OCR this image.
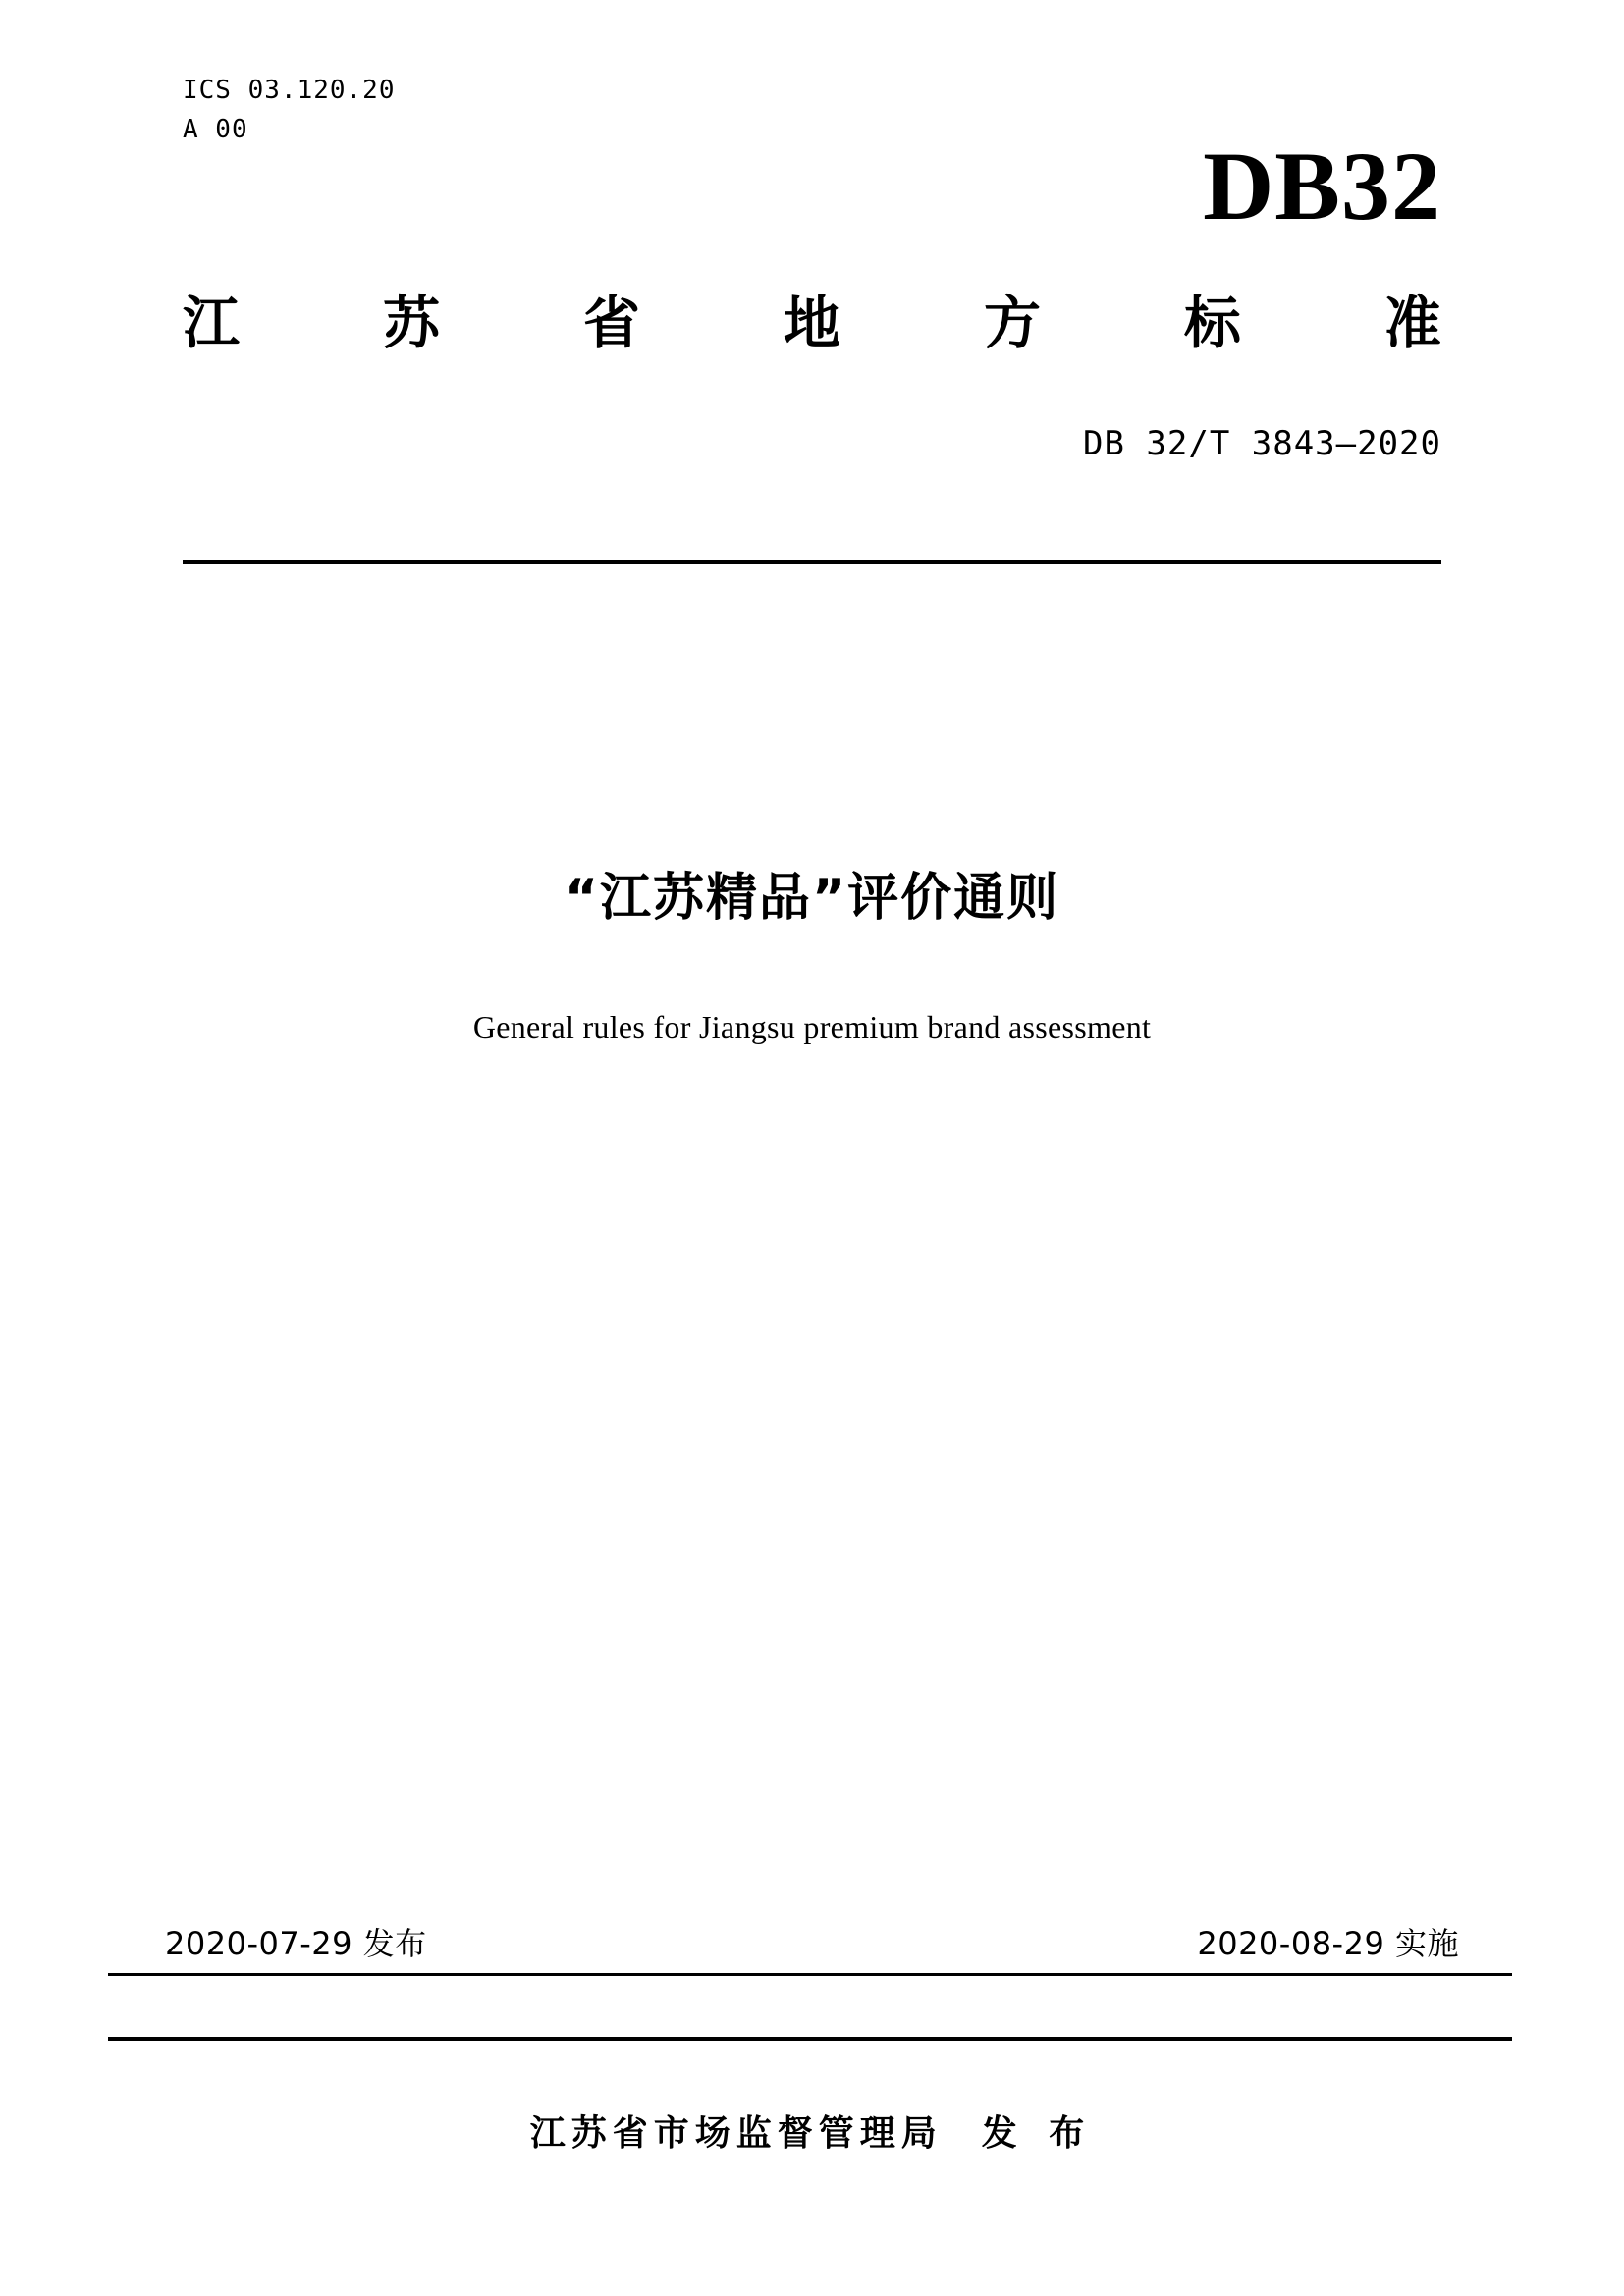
ICS 03.120.20
A 00
DB32
江	苏	省	地	方	标	准
DB 32/T 3843—2020
“江苏精品”评价通则
General rules for Jiangsu premium brand assessment
2020-07-29 发布	2020-08-29 实施
江苏省市场监督管理局 发 布
